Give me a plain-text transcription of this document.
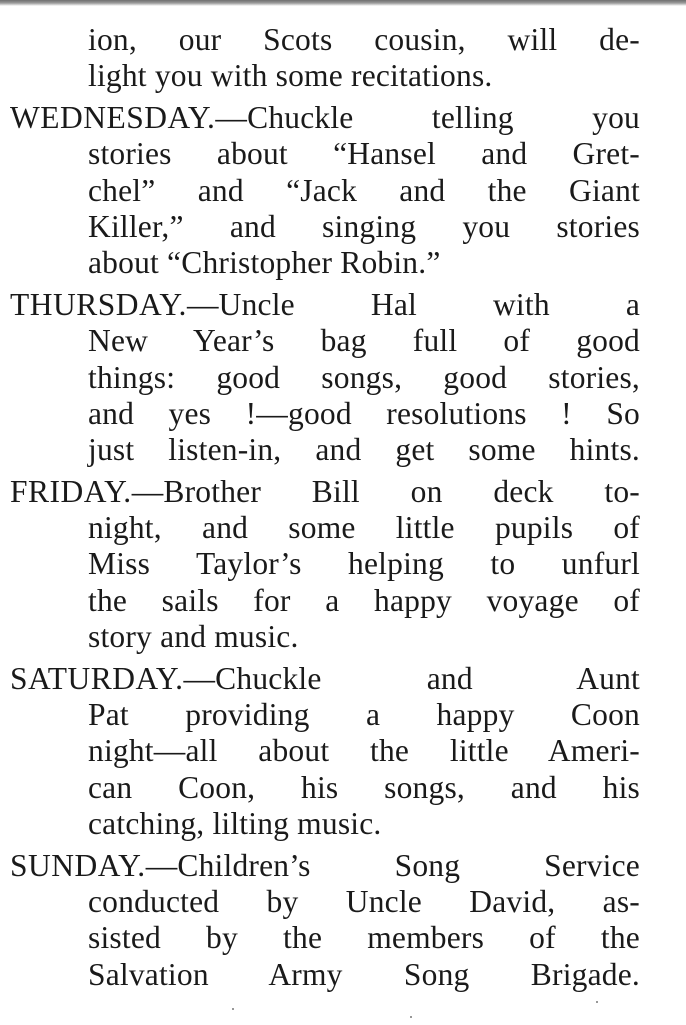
ion, our Scots cousin, will de-
light you with some recitations.
WEDNESDAY.—Chuckle telling you
stories about “Hansel and Gret-
chel” and “Jack and the Giant
Killer,” and singing you stories
about “Christopher Robin.”
THURSDAY.—Uncle Hal with a
New Year’s bag full of good
things: good songs, good stories,
and yes !—good resolutions ! So
just listen-in, and get some hints.
FRIDAY.—Brother Bill on deck to-
night, and some little pupils of
Miss Taylor’s helping to unfurl
the sails for a happy voyage of
story and music.
SATURDAY.—Chuckle and Aunt
Pat providing a happy Coon
night—all about the little Ameri-
can Coon, his songs, and his
catching, lilting music.
SUNDAY.—Children’s Song Service
conducted by Uncle David, as-
sisted by the members of the
Salvation Army Song Brigade.
